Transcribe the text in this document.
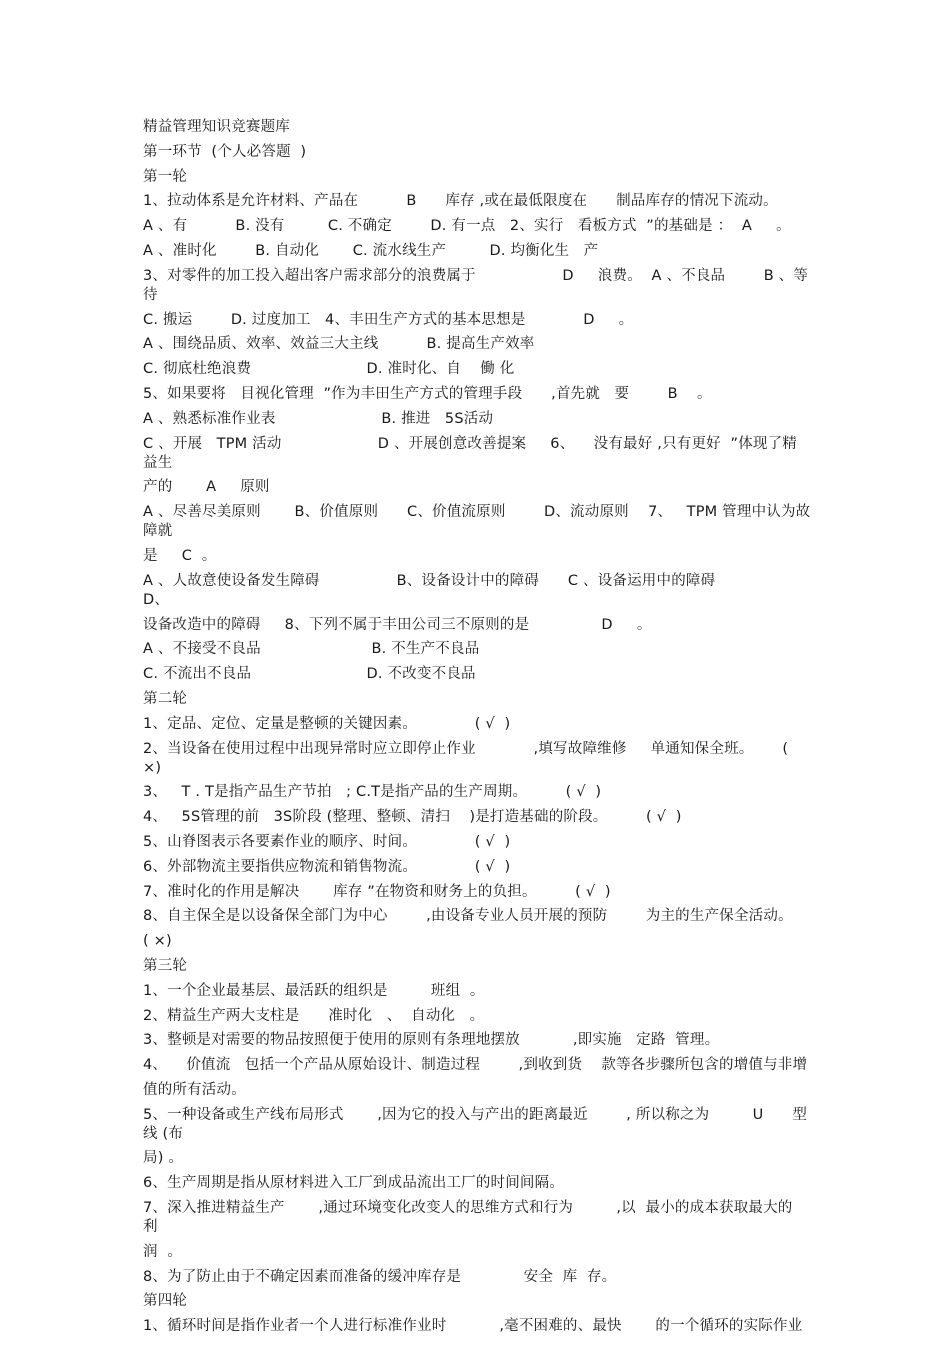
精益管理知识竞赛题库
第一环节  (个人必答题  )
第一轮
1、拉动体系是允许材料、产品在          B      库存 ,或在最低限度在      制品库存的情况下流动。
A 、有          B. 没有         C. 不确定        D. 有一点   2、实行   看板方式  ”的基础是 ：  A     。
A 、准时化        B. 自动化       C. 流水线生产         D. 均衡化生   产
3、对零件的加工投入超出客户需求部分的浪费属于                  D     浪费。  A 、不良品        B 、等待
C. 搬运        D. 过度加工   4、丰田生产方式的基本思想是            D     。
A 、围绕品质、效率、效益三大主线          B. 提高生产效率
C. 彻底杜绝浪费                        D. 准时化、自    働 化
5、如果要将   目视化管理  ”作为丰田生产方式的管理手段      ,首先就   要        B    。
A 、熟悉标准作业表                      B. 推进   5S活动
C 、开展   TPM 活动                    D 、开展创意改善提案     6、    没有最好 ,只有更好  ”体现了精益生
产的       A     原则
A 、尽善尽美原则       B、价值原则      C、价值流原则        D、流动原则    7、   TPM 管理中认为故障就
是     C  。
A 、人故意使设备发生障碍                B、设备设计中的障碍      C 、设备运用中的障碍                     D、
设备改造中的障碍     8、下列不属于丰田公司三不原则的是               D     。
A 、不接受不良品                       B. 不生产不良品
C. 不流出不良品                        D. 不改变不良品
第二轮
1、定品、定位、定量是整顿的关键因素。            ( √  )
2、当设备在使用过程中出现异常时应立即停止作业            ,填写故障维修     单通知保全班。      ( ×)
3、   T . T是指产品生产节拍   ; C.T是指产品的生产周期。        ( √  )
4、   5S管理的前   3S阶段 (整理、整顿、清扫    )是打造基础的阶段。        ( √  )
5、山脊图表示各要素作业的顺序、时间。            ( √  )
6、外部物流主要指供应物流和销售物流。            ( √  )
7、准时化的作用是解决       库存 ”在物资和财务上的负担。        ( √  )
8、自主保全是以设备保全部门为中心        ,由设备专业人员开展的预防        为主的生产保全活动。
( ×)
第三轮
1、一个企业最基层、最活跃的组织是         班组  。
2、精益生产两大支柱是      准时化   、  自动化   。
3、整顿是对需要的物品按照便于使用的原则有条理地摆放           ,即实施   定路  管理。
4、    价值流   包括一个产品从原始设计、制造过程        ,到收到货    款等各步骤所包含的增值与非增
值的所有活动。
5、一种设备或生产线布局形式       ,因为它的投入与产出的距离最近        , 所以称之为         U      型线 (布
局) 。
6、生产周期是指从原材料进入工厂到成品流出工厂的时间间隔。
7、深入推进精益生产       ,通过环境变化改变人的思维方式和行为         ,以  最小的成本获取最大的          利
润  。
8、为了防止由于不确定因素而准备的缓冲库存是             安全  库  存。
第四轮
1、循环时间是指作业者一个人进行标准作业时           ,毫不困难的、最快       的一个循环的实际作业
